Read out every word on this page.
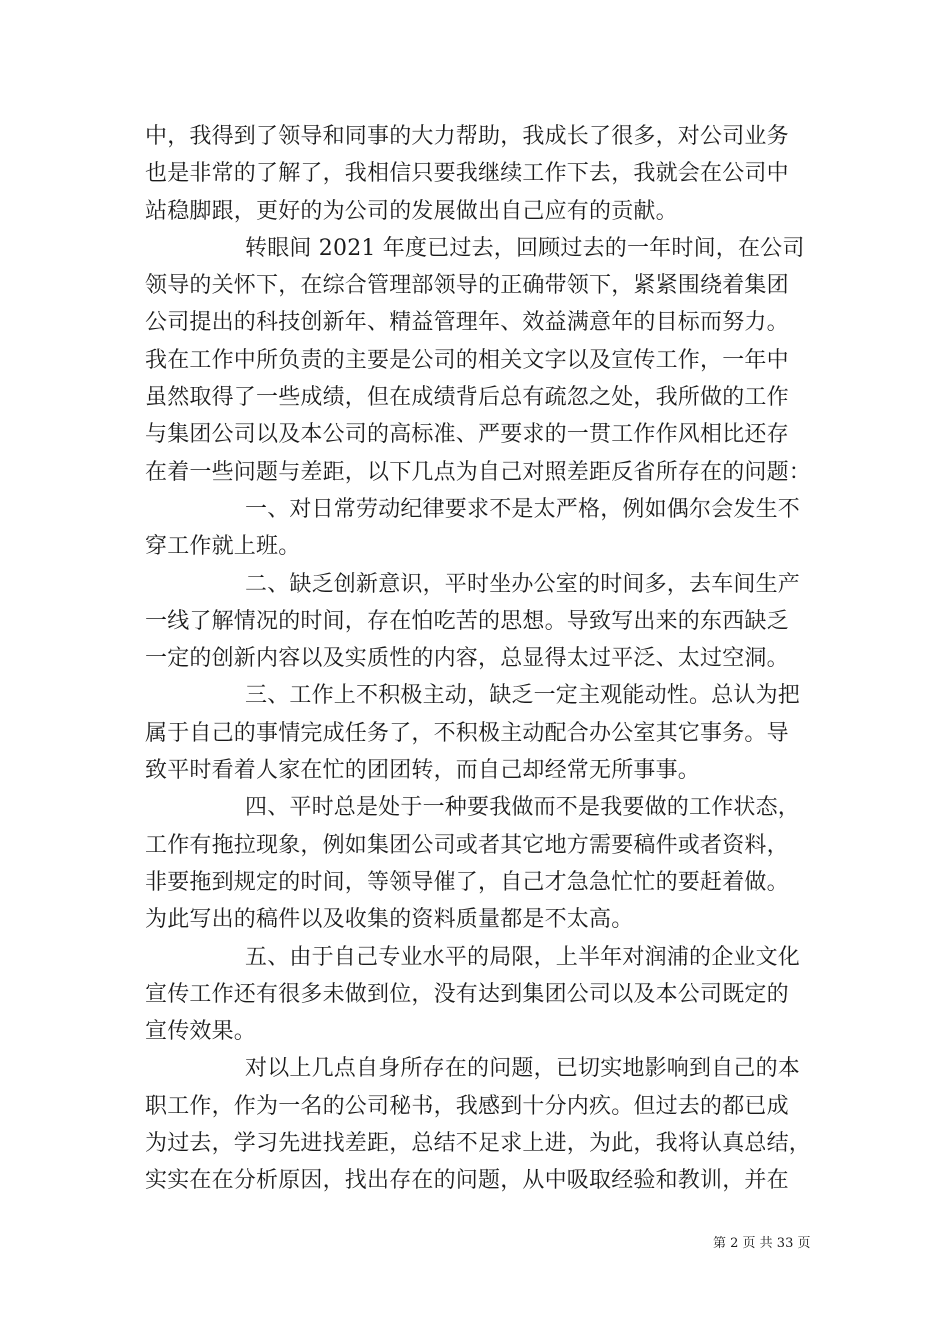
中，我得到了领导和同事的大力帮助，我成长了很多，对公司业务
也是非常的了解了，我相信只要我继续工作下去，我就会在公司中
站稳脚跟，更好的为公司的发展做出自己应有的贡献。
转眼间 2021 年度已过去，回顾过去的一年时间，在公司
领导的关怀下，在综合管理部领导的正确带领下，紧紧围绕着集团
公司提出的科技创新年、精益管理年、效益满意年的目标而努力。
我在工作中所负责的主要是公司的相关文字以及宣传工作，一年中
虽然取得了一些成绩，但在成绩背后总有疏忽之处，我所做的工作
与集团公司以及本公司的高标准、严要求的一贯工作作风相比还存
在着一些问题与差距，以下几点为自己对照差距反省所存在的问题：
一、对日常劳动纪律要求不是太严格，例如偶尔会发生不
穿工作就上班。
二、缺乏创新意识，平时坐办公室的时间多，去车间生产
一线了解情况的时间，存在怕吃苦的思想。导致写出来的东西缺乏
一定的创新内容以及实质性的内容，总显得太过平泛、太过空洞。
三、工作上不积极主动，缺乏一定主观能动性。总认为把
属于自己的事情完成任务了，不积极主动配合办公室其它事务。导
致平时看着人家在忙的团团转，而自己却经常无所事事。
四、平时总是处于一种要我做而不是我要做的工作状态，
工作有拖拉现象，例如集团公司或者其它地方需要稿件或者资料，
非要拖到规定的时间，等领导催了，自己才急急忙忙的要赶着做。
为此写出的稿件以及收集的资料质量都是不太高。
五、由于自己专业水平的局限，上半年对润浦的企业文化
宣传工作还有很多未做到位，没有达到集团公司以及本公司既定的
宣传效果。
对以上几点自身所存在的问题，已切实地影响到自己的本
职工作，作为一名的公司秘书，我感到十分内疚。但过去的都已成
为过去，学习先进找差距，总结不足求上进，为此，我将认真总结，
实实在在分析原因，找出存在的问题，从中吸取经验和教训，并在
第 2 页 共 33 页
